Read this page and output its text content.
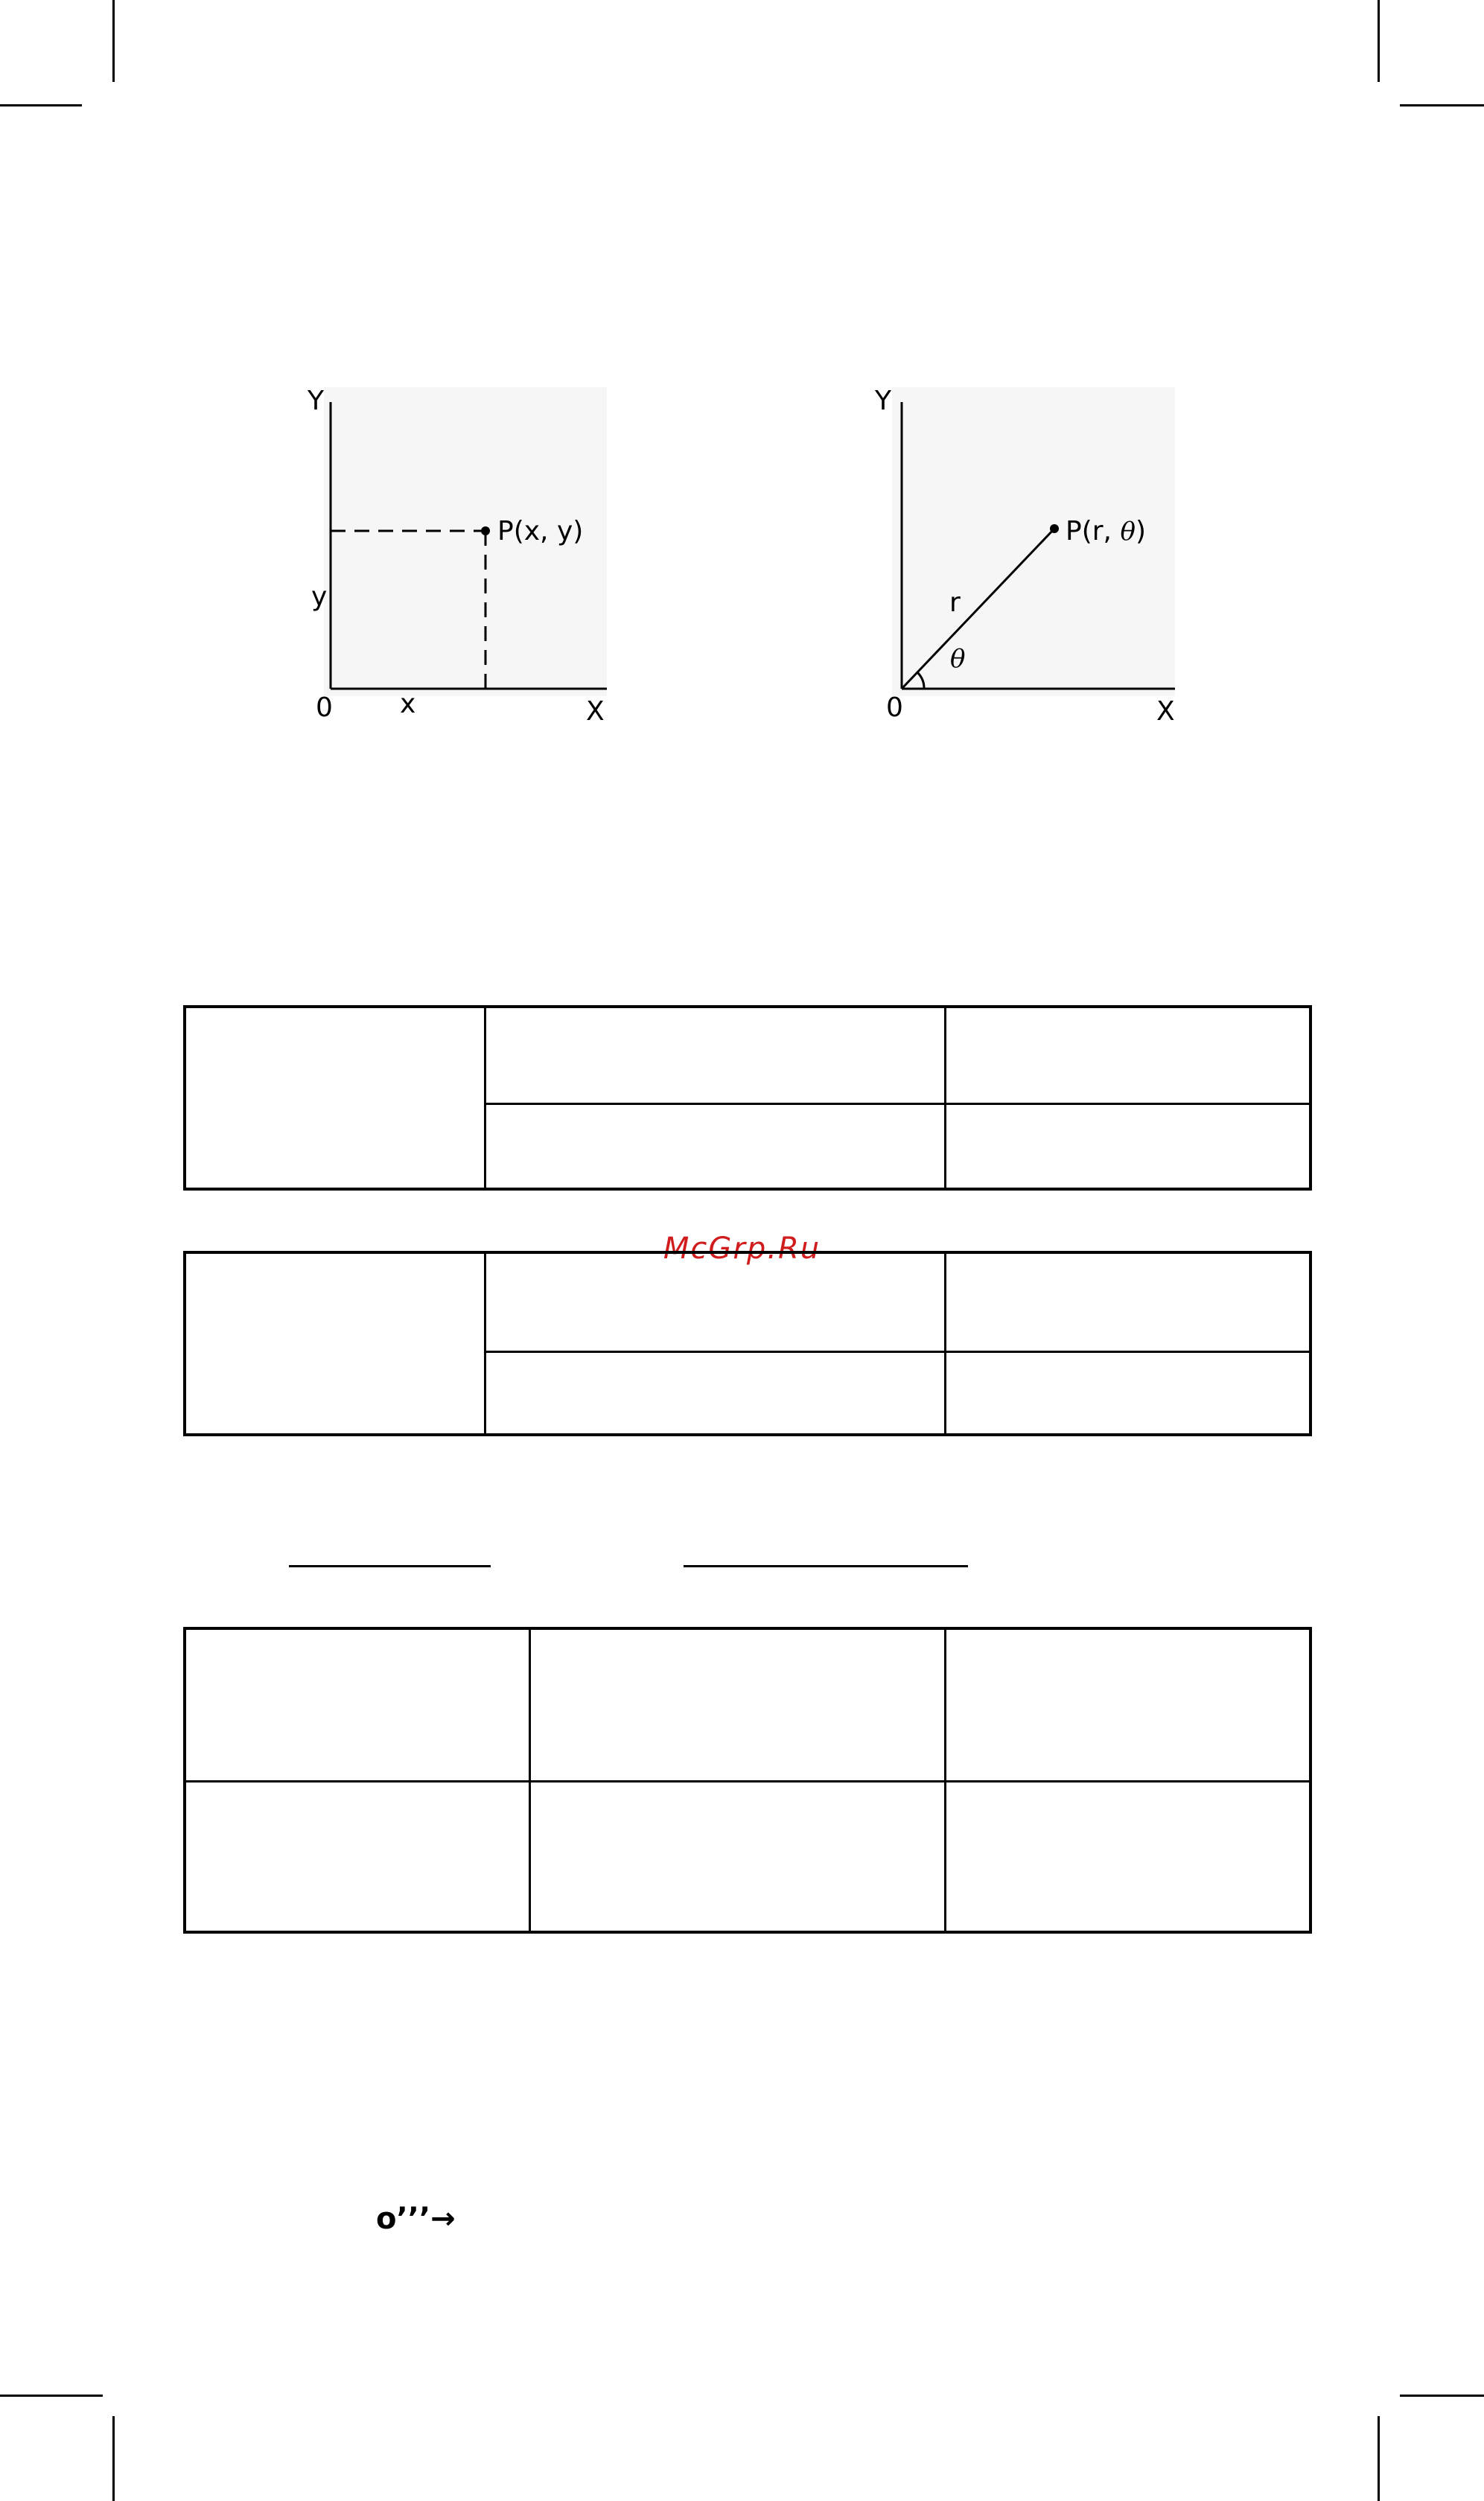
Y
P(x, y)
y
0	x	X
Y
P(r, θ)
r
θ
0	X
McGrp.Ru
o’’’→
